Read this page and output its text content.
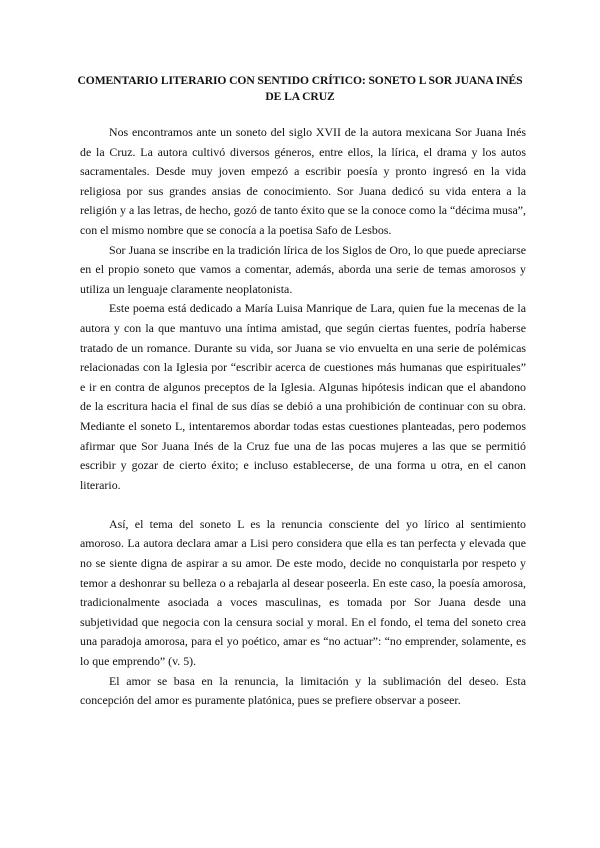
COMENTARIO LITERARIO CON SENTIDO CRÍTICO: SONETO L SOR JUANA INÉS DE LA CRUZ

Nos encontramos ante un soneto del siglo XVII de la autora mexicana Sor Juana Inés de la Cruz. La autora cultivó diversos géneros, entre ellos, la lírica, el drama y los autos sacramentales. Desde muy joven empezó a escribir poesía y pronto ingresó en la vida religiosa por sus grandes ansias de conocimiento. Sor Juana dedicó su vida entera a la religión y a las letras, de hecho, gozó de tanto éxito que se la conoce como la “décima musa”, con el mismo nombre que se conocía a la poetisa Safo de Lesbos.

Sor Juana se inscribe en la tradición lírica de los Siglos de Oro, lo que puede apreciarse en el propio soneto que vamos a comentar, además, aborda una serie de temas amorosos y utiliza un lenguaje claramente neoplatonista.

Este poema está dedicado a María Luisa Manrique de Lara, quien fue la mecenas de la autora y con la que mantuvo una íntima amistad, que según ciertas fuentes, podría haberse tratado de un romance. Durante su vida, sor Juana se vio envuelta en una serie de polémicas relacionadas con la Iglesia por “escribir acerca de cuestiones más humanas que espirituales” e ir en contra de algunos preceptos de la Iglesia. Algunas hipótesis indican que el abandono de la escritura hacia el final de sus días se debió a una prohibición de continuar con su obra. Mediante el soneto L, intentaremos abordar todas estas cuestiones planteadas, pero podemos afirmar que Sor Juana Inés de la Cruz fue una de las pocas mujeres a las que se permitió escribir y gozar de cierto éxito; e incluso establecerse, de una forma u otra, en el canon literario.

Así, el tema del soneto L es la renuncia consciente del yo lírico al sentimiento amoroso. La autora declara amar a Lisi pero considera que ella es tan perfecta y elevada que no se siente digna de aspirar a su amor. De este modo, decide no conquistarla por respeto y temor a deshonrar su belleza o a rebajarla al desear poseerla. En este caso, la poesía amorosa, tradicionalmente asociada a voces masculinas, es tomada por Sor Juana desde una subjetividad que negocia con la censura social y moral. En el fondo, el tema del soneto crea una paradoja amorosa, para el yo poético, amar es “no actuar”: “no emprender, solamente, es lo que emprendo” (v. 5).

El amor se basa en la renuncia, la limitación y la sublimación del deseo. Esta concepción del amor es puramente platónica, pues se prefiere observar a poseer.
